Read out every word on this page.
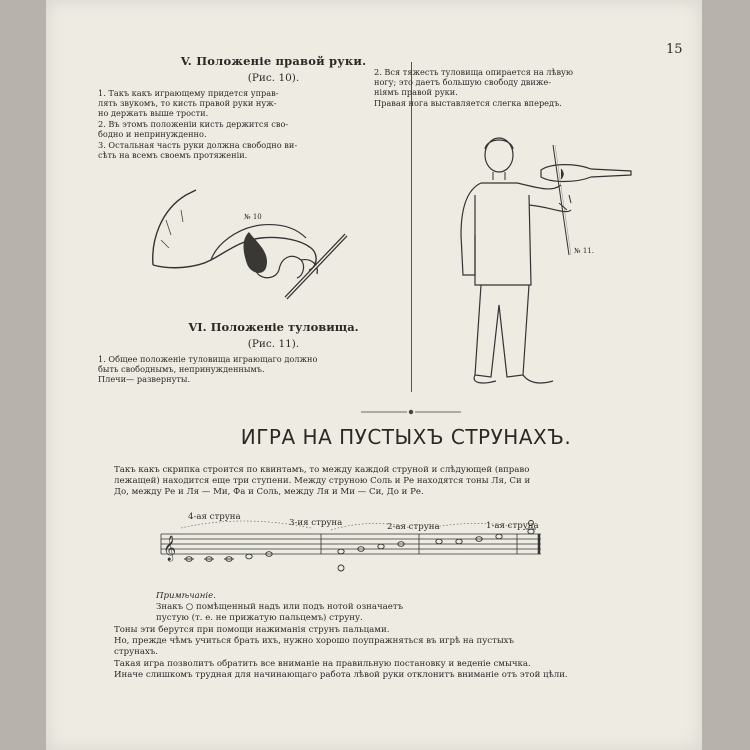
15
V. Положеніе правой руки.
(Рис. 10).
1. Такъ какъ играющему придется управ-
лять звукомъ, то кисть правой руки нуж-
но держать выше трости.
2. Въ этомъ положеніи кисть держится сво-
бодно и непринужденно.
3. Остальная часть руки должна свободно ви-
сѣть на всемъ своемъ протяженіи.
№ 10
VI. Положеніе туловища.
(Рис. 11).
1. Общее положеніе туловища играющаго должно
быть свободнымъ, непринужденнымъ.
Плечи— развернуты.
2. Вся тяжесть туловища опирается на лѣвую
ногу; это даетъ большую свободу движе-
ніямъ правой руки.
Правая нога выставляется слегка впередъ.
№ 11.
ИГРА НА ПУСТЫХЪ СТРУНАХЪ.
Такъ какъ скрипка строится по квинтамъ, то между каждой струной и слѣдующей (вправо
лежащей) находится еще три ступени. Между струною Соль и Ре находятся тоны Ля, Си и
До, между Ре и Ля — Ми, Фа и Соль, между Ля и Ми — Си, До и Ре.
4-ая струна
3-ия струна	2-ая струна	1-ая струна
𝄞

Примѣчаніе.
Знакъ ○ помѣщенный надъ или подъ нотой означаетъ
пустую (т. е. не прижатую пальцемъ) струну.

Тоны эти берутся при помощи нажиманія струнъ пальцами.
Но, прежде чѣмъ учиться брать ихъ, нужно хорошо поупражняться въ игрѣ на пустыхъ
струнахъ.
Такая игра позволитъ обратить все вниманіе на правильную постановку и веденіе смычка.
Иначе слишкомъ трудная для начинающаго работа лѣвой руки отклонитъ вниманіе отъ этой цѣли.
